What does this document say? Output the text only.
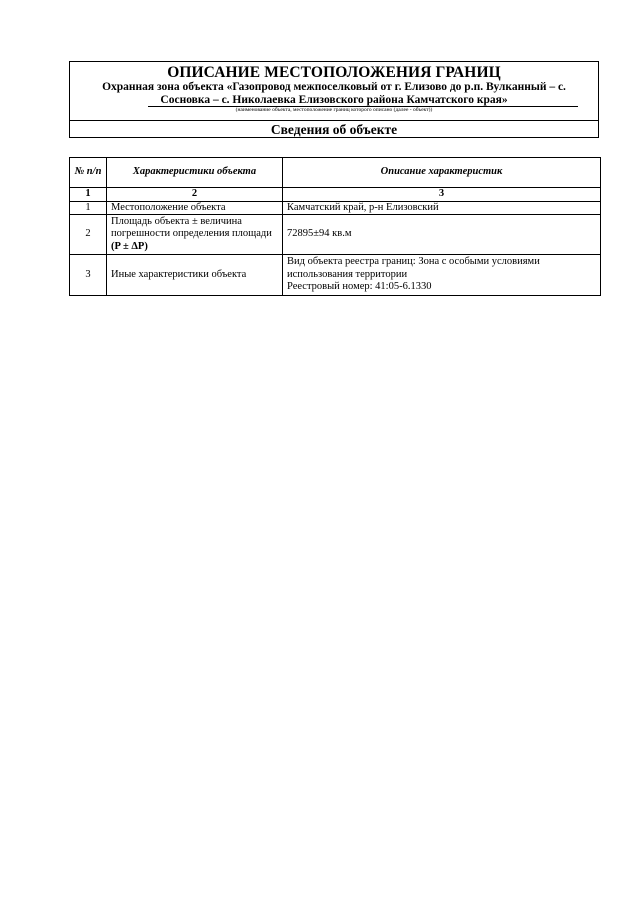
ОПИСАНИЕ МЕСТОПОЛОЖЕНИЯ ГРАНИЦ
Охранная зона объекта «Газопровод межпоселковый от г. Елизово до р.п. Вулканный – с.
Сосновка – с. Николаевка Елизовского района Камчатского края»
(наименование объекта, местоположение границ которого описано (далее - объект))
Сведения об объекте
№ п/п	Характеристики объекта	Описание характеристик
1	2	3
1	Местоположение объекта	Камчатский край, р-н Елизовский
2	Площадь объекта ± величина погрешности определения площади (P ± ΔP)	72895±94 кв.м
3	Иные характеристики объекта	Вид объекта реестра границ: Зона с особыми условиями использования территории
Реестровый номер: 41:05-6.1330
